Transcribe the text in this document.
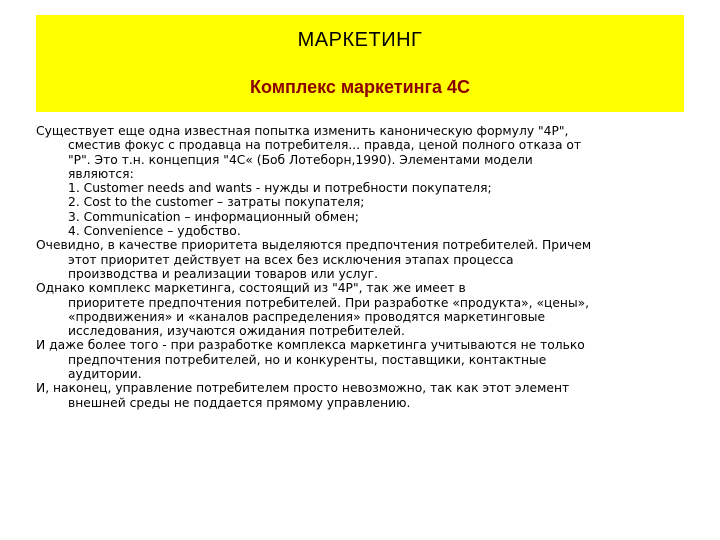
МАРКЕТИНГ
Комплекс маркетинга 4С

Существует еще одна известная попытка изменить каноническую формулу "4Р",

сместив фокус с продавца на потребителя... правда, ценой полного отказа от

"Р". Это т.н. концепция "4С« (Боб Лотеборн,1990). Элементами модели

являются:

1. Customer needs and wants - нужды и потребности покупателя;

2. Cost to the customer – затраты покупателя;

3. Communication – информационный обмен;

4. Convenience – удобство.

Очевидно, в качестве приоритета выделяются предпочтения потребителей. Причем

этот приоритет действует на всех без исключения этапах процесса

производства и реализации товаров или услуг.

Однако комплекс маркетинга, состоящий из "4Р", так же имеет в

приоритете предпочтения потребителей. При разработке «продукта», «цены»,

«продвижения» и «каналов распределения» проводятся маркетинговые

исследования, изучаются ожидания потребителей.

И даже более того - при разработке комплекса маркетинга учитываются не только

предпочтения потребителей, но и конкуренты, поставщики, контактные

аудитории.

И, наконец, управление потребителем просто невозможно, так как этот элемент

внешней среды не поддается прямому управлению.
